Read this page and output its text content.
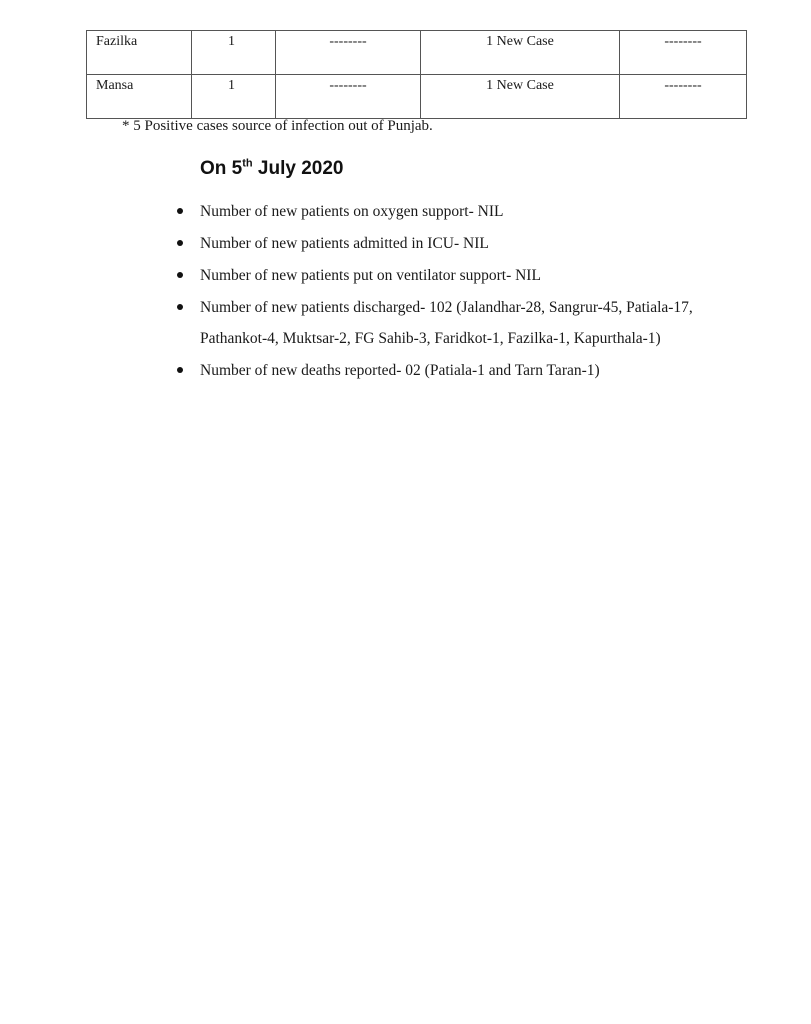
Fazilka	1	--------	1 New Case	--------
Mansa	1	--------	1 New Case	--------
* 5 Positive cases source of infection out of Punjab.
On 5th July 2020
Number of new patients on oxygen support- NIL
Number of new patients admitted in ICU- NIL
Number of new patients put on ventilator support- NIL
Number of new patients discharged- 102 (Jalandhar-28, Sangrur-45, Patiala-17, Pathankot-4, Muktsar-2, FG Sahib-3, Faridkot-1, Fazilka-1, Kapurthala-1)
Number of new deaths reported- 02 (Patiala-1 and Tarn Taran-1)
